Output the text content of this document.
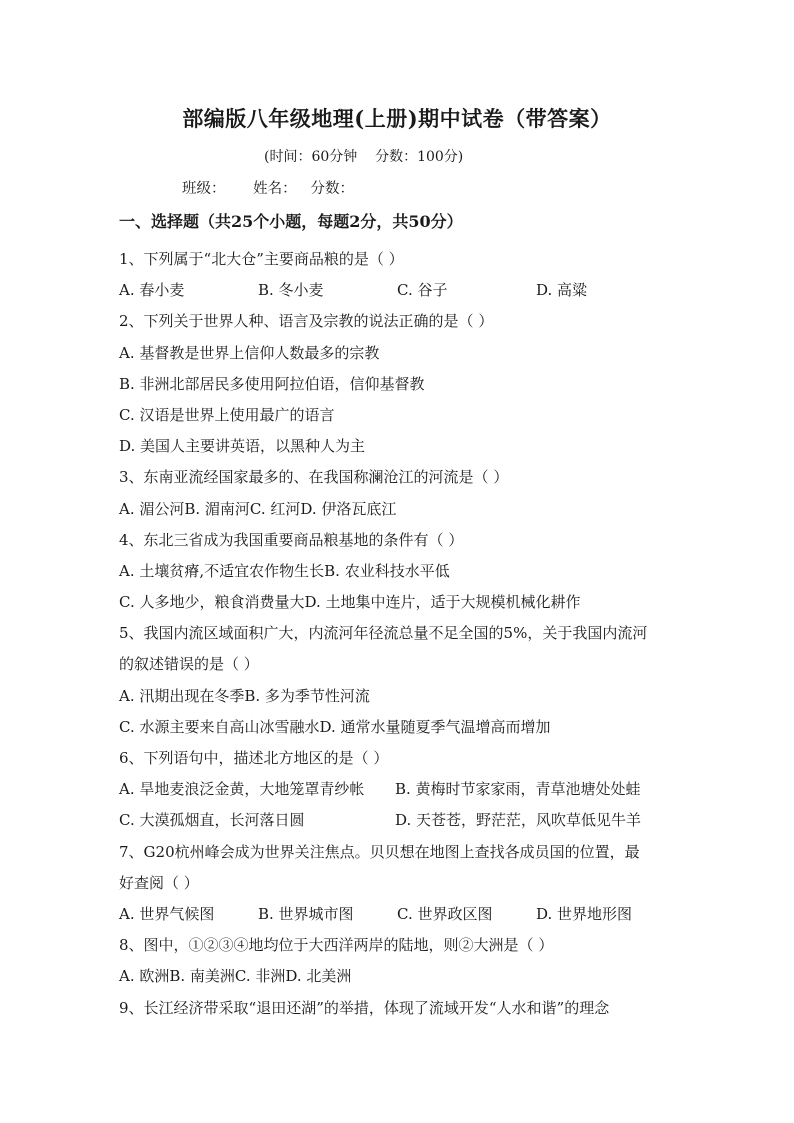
部编版八年级地理(上册)期中试卷（带答案）
(时间：60分钟    分数：100分)
班级：      姓名：   分数：
一、选择题（共25个小题，每题2分，共50分）
1、下列属于“北大仓”主要商品粮的是（ ）
A. 春小麦	B. 冬小麦	C. 谷子	D. 高粱
2、下列关于世界人种、语言及宗教的说法正确的是（ ）
A. 基督教是世界上信仰人数最多的宗教
B. 非洲北部居民多使用阿拉伯语，信仰基督教
C. 汉语是世界上使用最广的语言
D. 美国人主要讲英语，以黑种人为主
3、东南亚流经国家最多的、在我国称澜沧江的河流是（ ）
A. 湄公河B. 湄南河C. 红河D. 伊洛瓦底江
4、东北三省成为我国重要商品粮基地的条件有（ ）
A. 土壤贫瘠,不适宜农作物生长B. 农业科技水平低
C. 人多地少，粮食消费量大D. 土地集中连片，适于大规模机械化耕作
5、我国内流区域面积广大，内流河年径流总量不足全国的5%，关于我国内流河
的叙述错误的是（ ）
A. 汛期出现在冬季B. 多为季节性河流
C. 水源主要来自高山冰雪融水D. 通常水量随夏季气温增高而增加
6、下列语句中，描述北方地区的是（ ）
A. 旱地麦浪泛金黄，大地笼罩青纱帐	B. 黄梅时节家家雨，青草池塘处处蛙
C. 大漠孤烟直，长河落日圆	D. 天苍苍，野茫茫，风吹草低见牛羊
7、G20杭州峰会成为世界关注焦点。贝贝想在地图上查找各成员国的位置，最
好查阅（ ）
A. 世界气候图	B. 世界城市图	C. 世界政区图	D. 世界地形图
8、图中，①②③④地均位于大西洋两岸的陆地，则②大洲是（ ）
A. 欧洲B. 南美洲C. 非洲D. 北美洲
9、长江经济带采取“退田还湖”的举措，体现了流域开发“人水和谐”的理念
